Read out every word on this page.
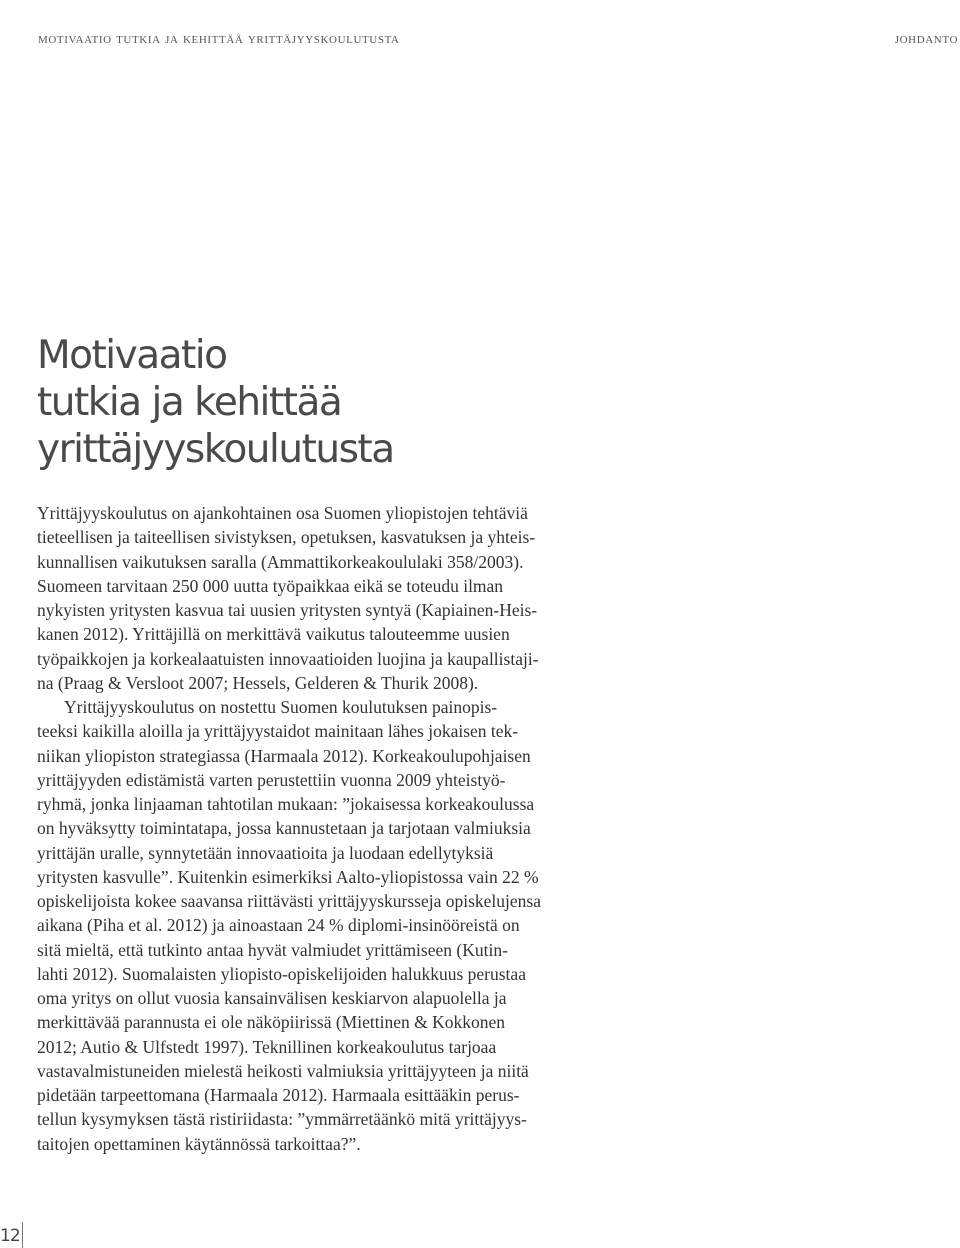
motivaatio tutkia ja kehittää yrittäjyyskoulutusta	johdanto
Motivaatio
tutkia ja kehittää
yrittäjyyskoulutusta
Yrittäjyyskoulutus on ajankohtainen osa Suomen yliopistojen tehtäviä
tieteellisen ja taiteellisen sivistyksen, opetuksen, kasvatuksen ja yhteis-
kunnallisen vaikutuksen saralla (Ammattikorkeakoululaki 358/2003).
Suomeen tarvitaan 250 000 uutta työpaikkaa eikä se toteudu ilman
nykyisten yritysten kasvua tai uusien yritysten syntyä (Kapiainen-Heis-
kanen 2012). Yrittäjillä on merkittävä vaikutus talouteemme uusien
työpaikkojen ja korkealaatuisten innovaatioiden luojina ja kaupallistaji-
na (Praag & Versloot 2007; Hessels, Gelderen & Thurik 2008).
Yrittäjyyskoulutus on nostettu Suomen koulutuksen painopis-
teeksi kaikilla aloilla ja yrittäjyystaidot mainitaan lähes jokaisen tek-
niikan yliopiston strategiassa (Harmaala 2012). Korkeakoulupohjaisen
yrittäjyyden edistämistä varten perustettiin vuonna 2009 yhteistyö-
ryhmä, jonka linjaaman tahtotilan mukaan: ”jokaisessa korkeakoulussa
on hyväksytty toimintatapa, jossa kannustetaan ja tarjotaan valmiuksia
yrittäjän uralle, synnytetään innovaatioita ja luodaan edellytyksiä
yritysten kasvulle”. Kuitenkin esimerkiksi Aalto-yliopistossa vain 22 %
opiskelijoista kokee saavansa riittävästi yrittäjyyskursseja opiskelujensa
aikana (Piha et al. 2012) ja ainoastaan 24 % diplomi-insinööreistä on
sitä mieltä, että tutkinto antaa hyvät valmiudet yrittämiseen (Kutin-
lahti 2012). Suomalaisten yliopisto-opiskelijoiden halukkuus perustaa
oma yritys on ollut vuosia kansainvälisen keskiarvon alapuolella ja
merkittävää parannusta ei ole näköpiirissä (Miettinen & Kokkonen
2012; Autio & Ulfstedt 1997). Teknillinen korkeakoulutus tarjoaa
vastavalmistuneiden mielestä heikosti valmiuksia yrittäjyyteen ja niitä
pidetään tarpeettomana (Harmaala 2012). Harmaala esittääkin perus-
tellun kysymyksen tästä ristiriidasta: ”ymmärretäänkö mitä yrittäjyys-
taitojen opettaminen käytännössä tarkoittaa?”.
12
